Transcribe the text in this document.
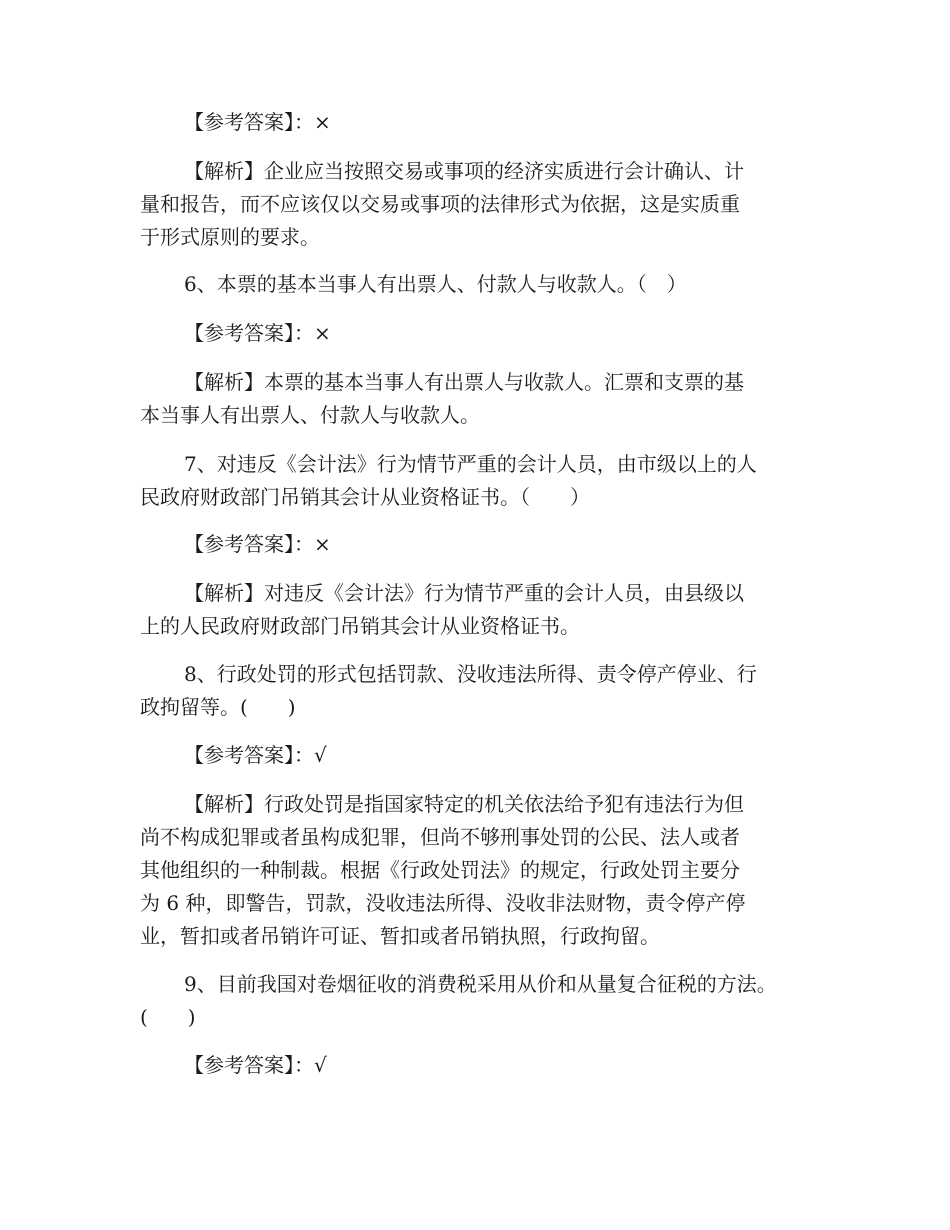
【参考答案】：×
【解析】企业应当按照交易或事项的经济实质进行会计确认、计
量和报告，而不应该仅以交易或事项的法律形式为依据，这是实质重
于形式原则的要求。
6、本票的基本当事人有出票人、付款人与收款人。（　）
【参考答案】：×
【解析】本票的基本当事人有出票人与收款人。汇票和支票的基
本当事人有出票人、付款人与收款人。
7、对违反《会计法》行为情节严重的会计人员，由市级以上的人
民政府财政部门吊销其会计从业资格证书。（　　）
【参考答案】：×
【解析】对违反《会计法》行为情节严重的会计人员，由县级以
上的人民政府财政部门吊销其会计从业资格证书。
8、行政处罚的形式包括罚款、没收违法所得、责令停产停业、行
政拘留等。(　　)
【参考答案】：√
【解析】行政处罚是指国家特定的机关依法给予犯有违法行为但
尚不构成犯罪或者虽构成犯罪，但尚不够刑事处罚的公民、法人或者
其他组织的一种制裁。根据《行政处罚法》的规定，行政处罚主要分
为 6 种，即警告，罚款，没收违法所得、没收非法财物，责令停产停
业，暂扣或者吊销许可证、暂扣或者吊销执照，行政拘留。
9、目前我国对卷烟征收的消费税采用从价和从量复合征税的方法。
(　　)
【参考答案】：√
